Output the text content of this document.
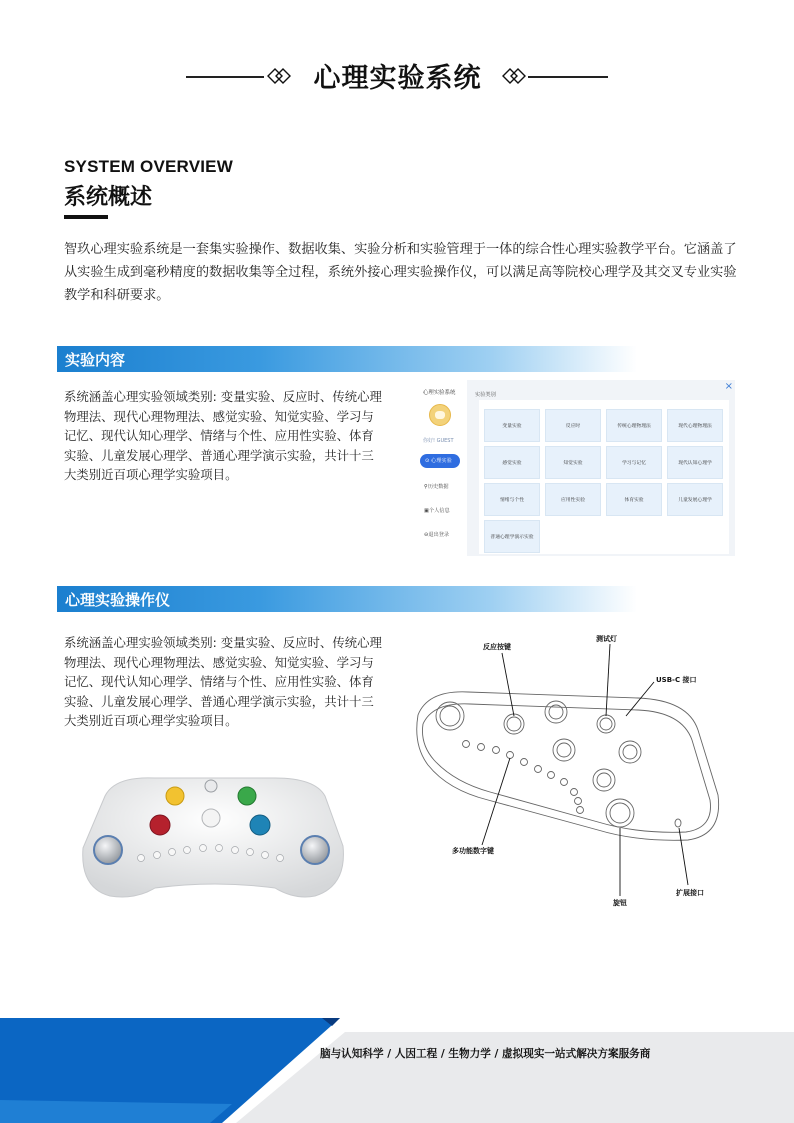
心理实验系统
SYSTEM OVERVIEW
系统概述

智玖心理实验系统是一套集实验操作、数据收集、实验分析和实验管理于一体的综合性心理实验教学平台。它涵盖了从实验生成到毫秒精度的数据收集等全过程，系统外接心理实验操作仪，可以满足高等院校心理学及其交叉专业实验教学和科研要求。

实验内容

系统涵盖心理实验领域类别: 变量实验、反应时、传统心理物理法、现代心理物理法、感觉实验、知觉实验、学习与记忆、现代认知心理学、情绪与个性、应用性实验、体育实验、儿童发展心理学、普通心理学演示实验，共计十三大类别近百项心理学实验项目。

心理实验系统
你好! GUEST
⊙ 心理实验
⚲历史数据
▣个人信息
⊖退出登录
实验类别
×
变量实验	反应时	传统心理物理法	现代心理物理法
感觉实验	知觉实验	学习与记忆	现代认知心理学
情绪与个性	应用性实验	体育实验	儿童发展心理学
普通心理学演示实验
心理实验操作仪

系统涵盖心理实验领域类别: 变量实验、反应时、传统心理物理法、现代心理物理法、感觉实验、知觉实验、学习与记忆、现代认知心理学、情绪与个性、应用性实验、体育实验、儿童发展心理学、普通心理学演示实验，共计十三大类别近百项心理学实验项目。

反应按键
测试灯
USB-C 接口
多功能数字键
旋钮
扩展接口
脑与认知科学 / 人因工程 / 生物力学 / 虚拟现实一站式解决方案服务商
